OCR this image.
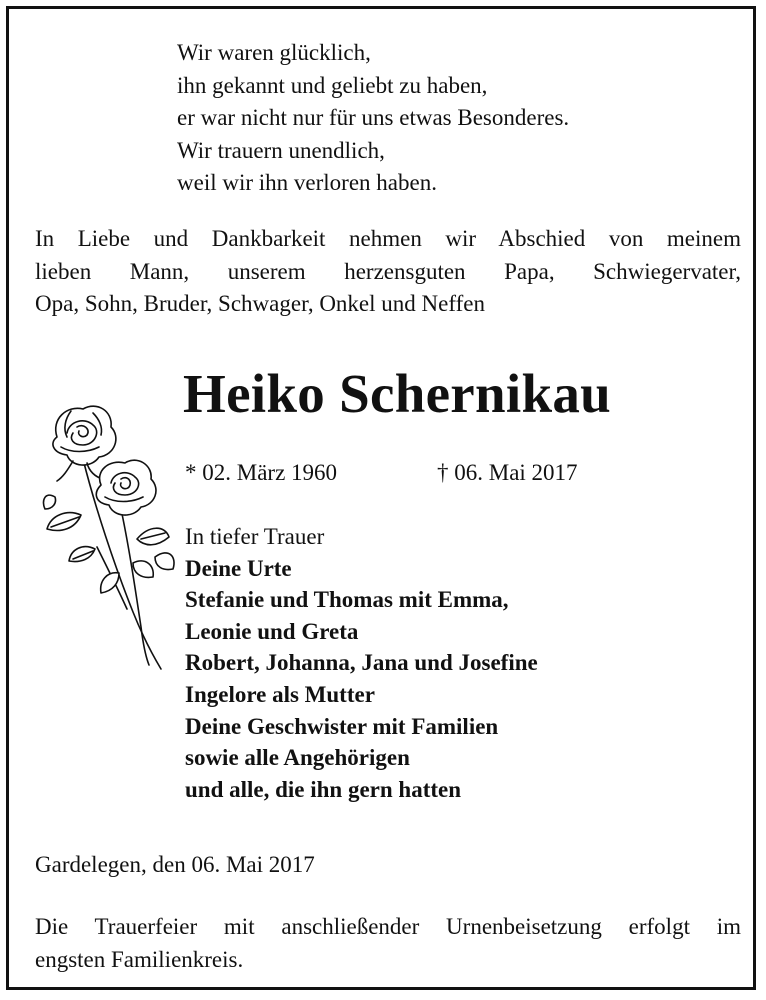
Wir waren glücklich,
ihn gekannt und geliebt zu haben,
er war nicht nur für uns etwas Besonderes.
Wir trauern unendlich,
weil wir ihn verloren haben.
In Liebe und Dankbarkeit nehmen wir Abschied von meinem
lieben Mann, unserem herzensguten Papa, Schwiegervater,
Opa, Sohn, Bruder, Schwager, Onkel und Neffen
Heiko Schernikau
* 02. März 1960	† 06. Mai 2017
In tiefer Trauer
Deine Urte
Stefanie und Thomas mit Emma,
Leonie und Greta
Robert, Johanna, Jana und Josefine
Ingelore als Mutter
Deine Geschwister mit Familien
sowie alle Angehörigen
und alle, die ihn gern hatten
Gardelegen, den 06. Mai 2017
Die Trauerfeier mit anschließender Urnenbeisetzung erfolgt im
engsten Familienkreis.
